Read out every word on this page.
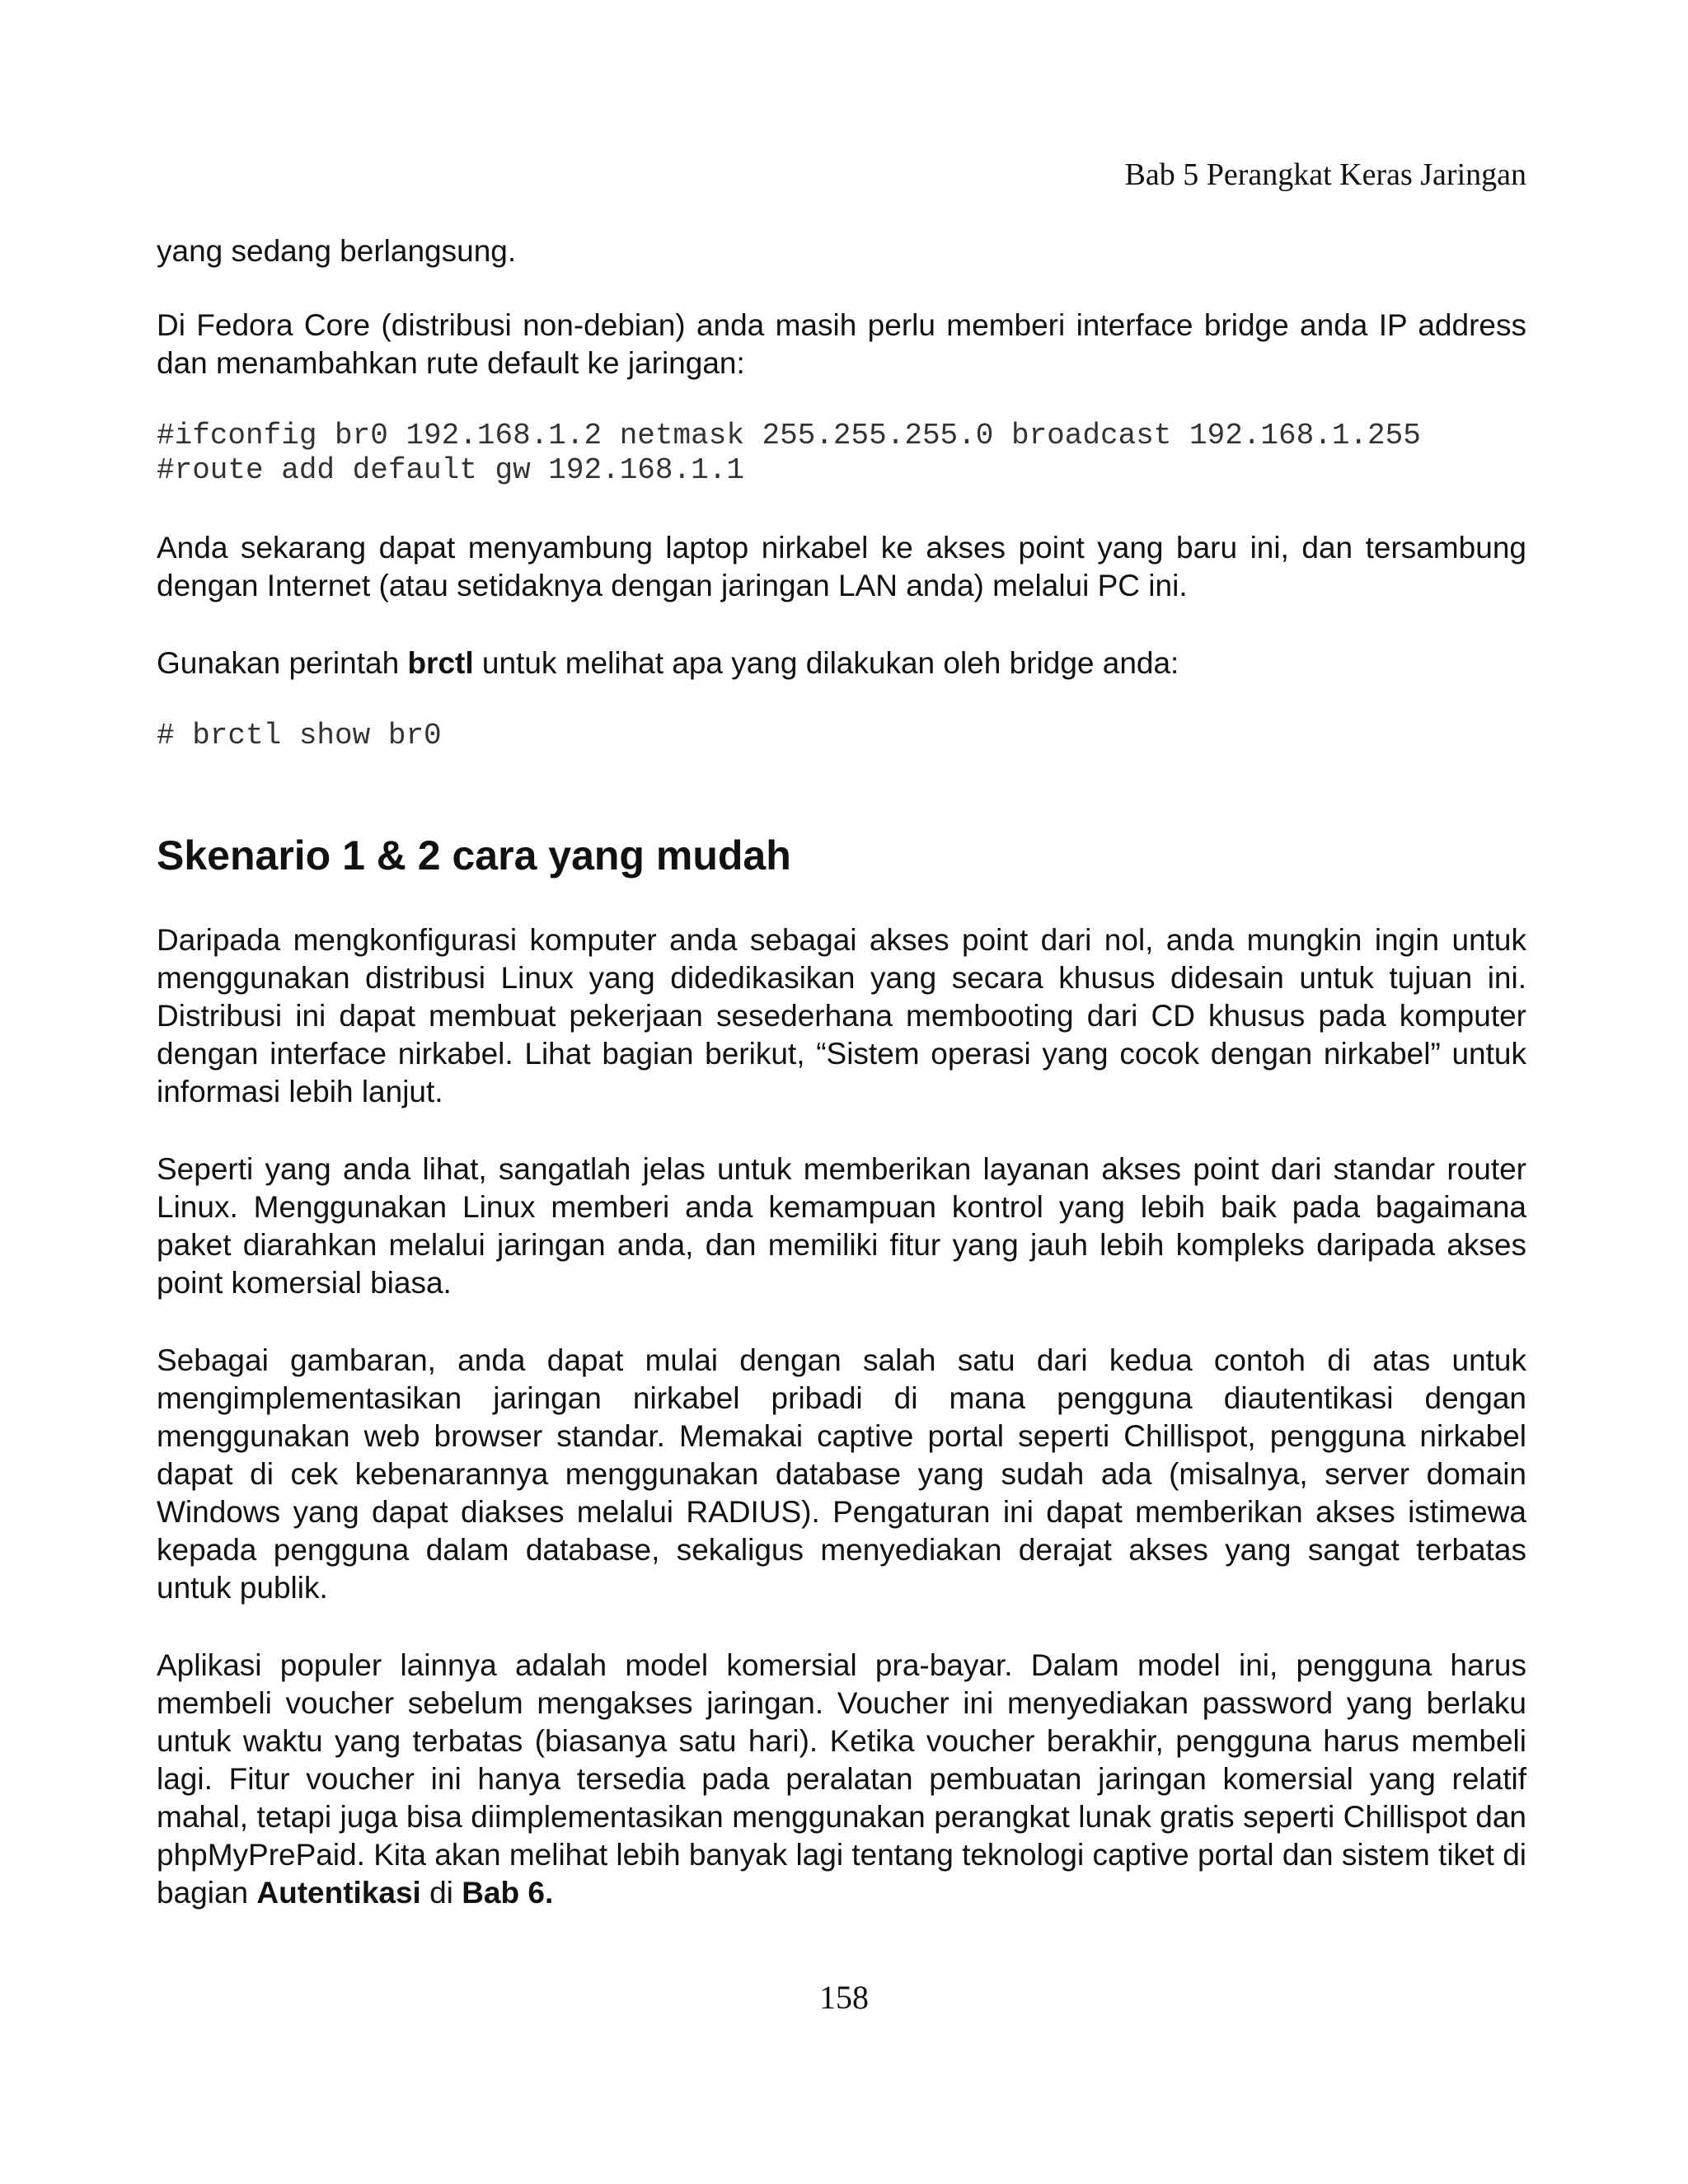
Bab 5 Perangkat Keras Jaringan

yang sedang berlangsung.

Di Fedora Core (distribusi non-debian) anda masih perlu memberi interface bridge anda IP address dan menambahkan rute default ke jaringan:

#ifconfig br0 192.168.1.2 netmask 255.255.255.0 broadcast 192.168.1.255
#route add default gw 192.168.1.1

Anda sekarang dapat menyambung laptop nirkabel ke akses point yang baru ini, dan tersambung dengan Internet (atau setidaknya dengan jaringan LAN anda) melalui PC ini.

Gunakan perintah brctl untuk melihat apa yang dilakukan oleh bridge anda:

# brctl show br0
Skenario 1 & 2 cara yang mudah

Daripada mengkonfigurasi komputer anda sebagai akses point dari nol, anda mungkin ingin untuk menggunakan distribusi Linux yang didedikasikan yang secara khusus didesain untuk tujuan ini. Distribusi ini dapat membuat pekerjaan sesederhana membooting dari CD khusus pada komputer dengan interface nirkabel. Lihat bagian berikut, “Sistem operasi yang cocok dengan nirkabel” untuk informasi lebih lanjut.

Seperti yang anda lihat, sangatlah jelas untuk memberikan layanan akses point dari standar router Linux. Menggunakan Linux memberi anda kemampuan kontrol yang lebih baik pada bagaimana paket diarahkan melalui jaringan anda, dan memiliki fitur yang jauh lebih kompleks daripada akses point komersial biasa.

Sebagai gambaran, anda dapat mulai dengan salah satu dari kedua contoh di atas untuk mengimplementasikan jaringan nirkabel pribadi di mana pengguna diautentikasi dengan menggunakan web browser standar. Memakai captive portal seperti Chillispot, pengguna nirkabel dapat di cek kebenarannya menggunakan database yang sudah ada (misalnya, server domain Windows yang dapat diakses melalui RADIUS). Pengaturan ini dapat memberikan akses istimewa kepada pengguna dalam database, sekaligus menyediakan derajat akses yang sangat terbatas untuk publik.

Aplikasi populer lainnya adalah model komersial pra-bayar. Dalam model ini, pengguna harus membeli voucher sebelum mengakses jaringan. Voucher ini menyediakan password yang berlaku untuk waktu yang terbatas (biasanya satu hari). Ketika voucher berakhir, pengguna harus membeli lagi. Fitur voucher ini hanya tersedia pada peralatan pembuatan jaringan komersial yang relatif mahal, tetapi juga bisa diimplementasikan menggunakan perangkat lunak gratis seperti Chillispot dan phpMyPrePaid. Kita akan melihat lebih banyak lagi tentang teknologi captive portal dan sistem tiket di bagian Autentikasi di Bab 6.

158
